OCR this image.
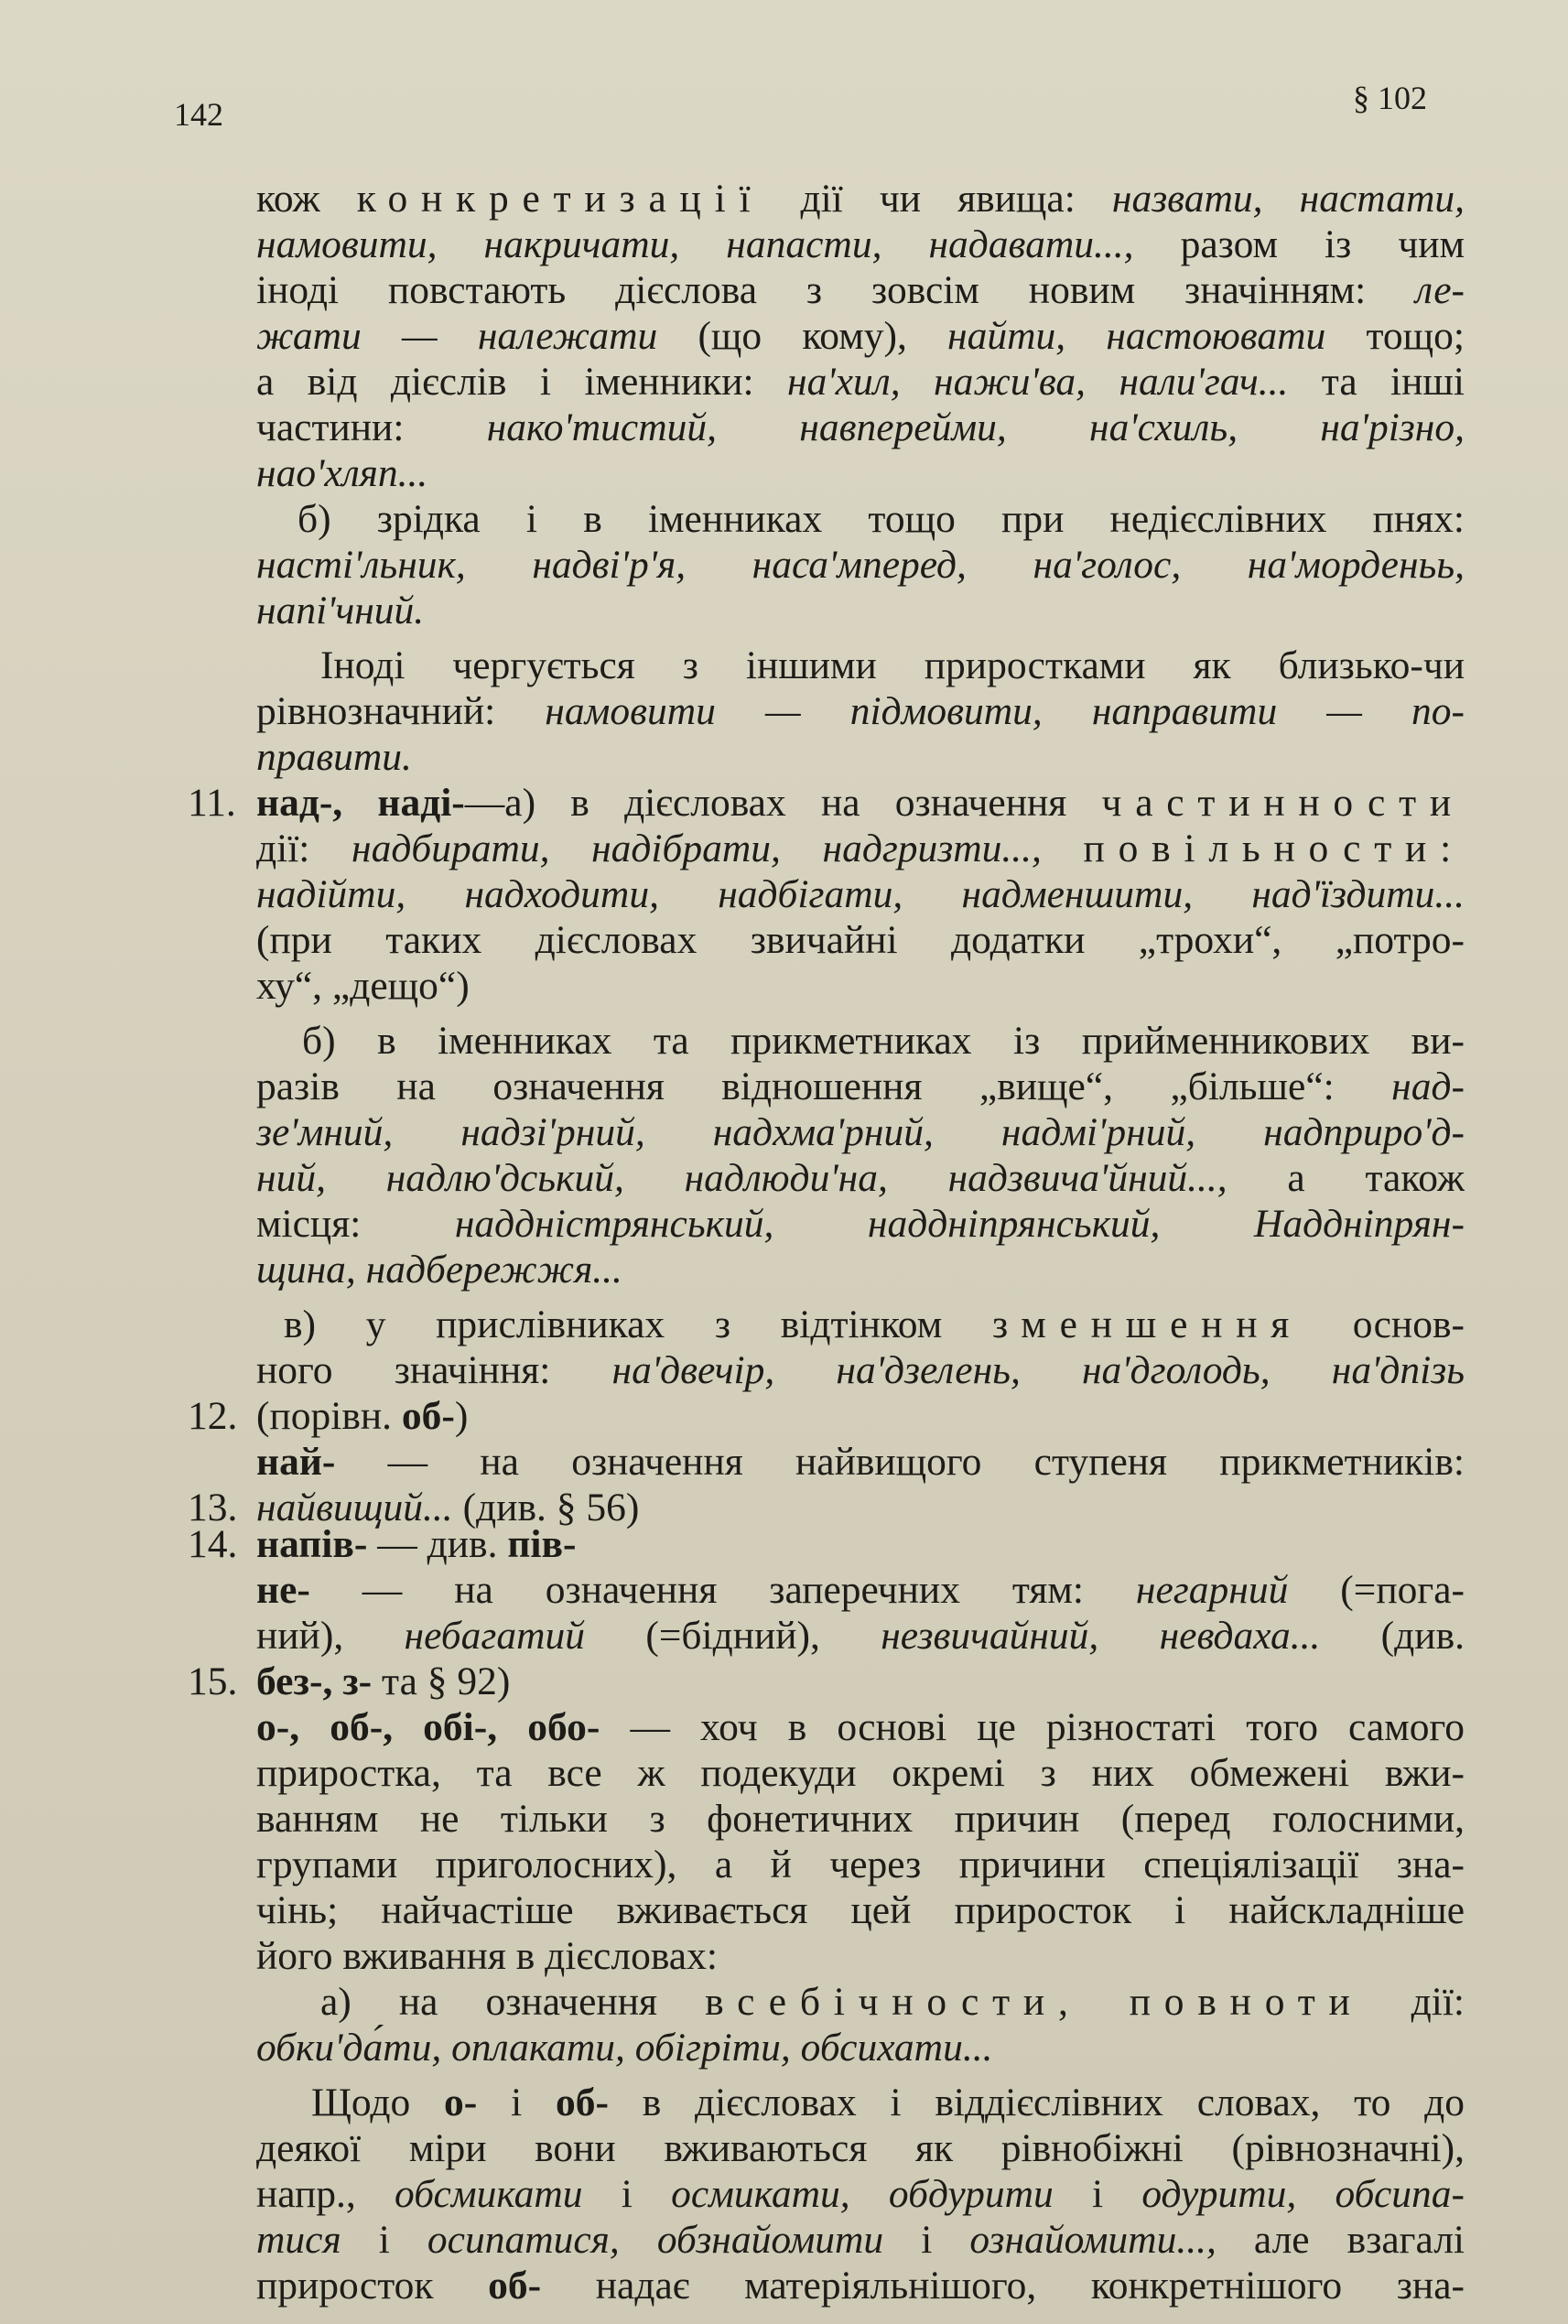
142	§ 102
кож конкретизації дії чи явища: назвати, настати,
намовити, накричати, напасти, надавати..., разом із чим
іноді повстають дієслова з зовсім новим значінням: ле-
жати — належати (що кому), найти, настоювати тощо;
а від дієслів і іменники: на'хил, нажи'ва, нали'гач... та інші
частини: нако'тистий, навперейми, на'схиль, на'різно,
нао'хляп...
б) зрідка і в іменниках тощо при недієслівних пнях:
насті'льник, надві'р'я, наса'мперед, на'голос, на'морденьь,
напі'чний.
Іноді чергується з іншими приростками як близько-чи
рівнозначний: намовити — підмовити, направити — по-
правити.
над-, наді-—а) в дієсловах на означення частинности
дії: надбирати, надібрати, надгризти..., повільности:
надійти, надходити, надбігати, надменшити, над'їздити...
(при таких дієсловах звичайні додатки „трохи“, „потро-
ху“, „дещо“)
б) в іменниках та прикметниках із прийменникових ви-
разів на означення відношення „вище“, „більше“: над-
зе'мний, надзі'рний, надхма'рний, надмі'рний, надприро'д-
ний, надлю'дський, надлюди'на, надзвича'йний..., а також
місця: наддністрянський, наддніпрянський, Наддніпрян-
щина, надбережжя...
в) у прислівниках з відтінком зменшення основ-
ного значіння: на'двечір, на'дзелень, на'дголодь, на'дпізь
(порівн. об-)
най- — на означення найвищого ступеня прикметників:
найвищий... (див. § 56)
напів- — див. пів-
не- — на означення заперечних тям: негарний (=пога-
ний), небагатий (=бідний), незвичайний, невдаха... (див.
без-, з- та § 92)
о-, об-, обі-, обо- — хоч в основі це різностаті того самого
приростка, та все ж подекуди окремі з них обмежені вжи-
ванням не тільки з фонетичних причин (перед голосними,
групами приголосних), а й через причини спеціялізації зна-
чінь; найчастіше вживається цей приросток і найскладніше
його вживання в дієсловах:
а) на означення всебічности, повноти дії:
обки'да́ти, оплакати, обігріти, обсихати...
Щодо о- і об- в дієсловах і віддієслівних словах, то до
деякої міри вони вживаються як рівнобіжні (рівнозначні),
напр., обсмикати і осмикати, обдурити і одурити, обсипа-
тися і осипатися, обзнайомити і ознайомити..., але взагалі
приросток об- надає матеріяльнішого, конкретнішого зна-
11.
12.
13.
14.
15.
